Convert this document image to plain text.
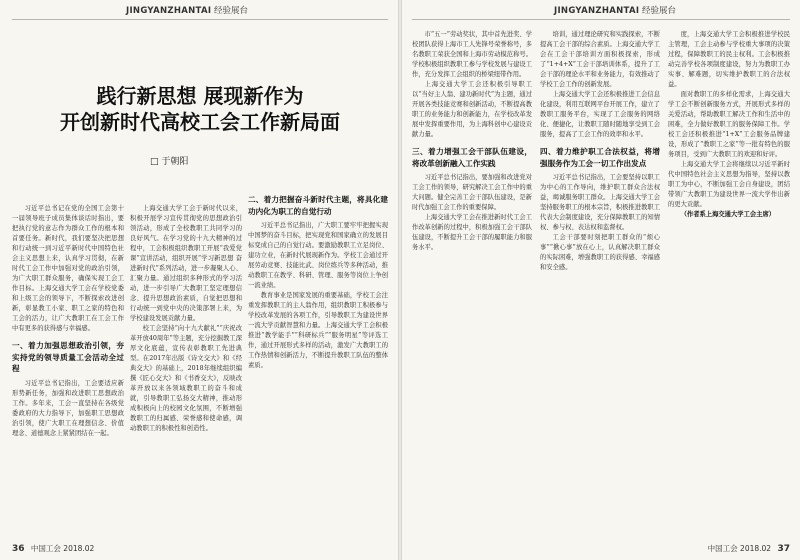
JINGYANZHANTAI 经验展台
践行新思想 展现新作为
开创新时代高校工会工作新局面
□ 于朝阳

习近平总书记在党的全国工会第十一届领导班子成员集体谈话时指出，要把执行党的意志作为群众工作的根本和首要任务。新时代，我们要坚决把思想和行动统一到习近平新时代中国特色社会主义思想上来，认真学习贯彻，在新时代工会工作中加强对党的政治引领，为广大职工群众服务，确保实现工会工作目标。上海交通大学工会在学校党委和上级工会的领导下，不断探索改进创新，彰显教工小家、职工之家的特色和工会的活力，让广大教职工在工会工作中有更多的获得感与幸福感。

一、着力加强思想政治引领，夯实持党的领导质量工会活动全过程

习近平总书记指出，工会要适应新形势新任务，加强和改进职工思想政治工作。多年来，工会一直坚持在各级党委政府的大力指导下，加强职工思想政治引领，使广大职工在理想信念、价值理念、道德观念上紧紧团结在一起。

上海交通大学工会于新时代以来，积极开展学习宣传贯彻党的思想政治引领活动，形成了全校教职工共同学习的良好风气。在学习党的十九大精神的过程中，工会积极组织教职工开展“我爱党课”宣讲活动，组织开展“学习新思想 奋进新时代”系列活动，进一步凝聚人心、汇聚力量。通过组织多种形式的学习活动，进一步引导广大教职工坚定理想信念、提升思想政治素质，自觉把思想和行动统一到党中央的决策部署上来，为学校建设发展贡献力量。

校工会坚持“向十九大献礼”“庆祝改革开放40周年”等主题，充分挖掘教工深厚文化底蕴，宣传表彰教职工先进典型。在2017年出版《诗文交大》和《经典交大》的基础上，2018年继续组织编撰《匠心交大》和《书香交大》，反映改革开放以来各领域教职工的奋斗和成就，引导教职工弘扬交大精神，推动形成积极向上的校园文化氛围，不断增强教职工的归属感、荣誉感和使命感，调动教职工的积极性和创造性。

二、着力把握奋斗新时代主题，将具化建功内化为职工的自觉行动

习近平总书记指出，广大职工要牢牢把握实现中国梦的奋斗目标，把实现党和国家确立的发展目标变成自己的自觉行动。要激励教职工立足岗位、建功立业，在新时代展现新作为。学校工会通过开展劳动竞赛、技能比武、岗位练兵等多种活动，推动教职工在教学、科研、管理、服务等岗位上争创一流业绩。

教育事业是国家发展的重要基础，学校工会注重发挥教职工的主人翁作用，组织教职工积极参与学校改革发展的各项工作，引导教职工为建设世界一流大学贡献智慧和力量。上海交通大学工会积极推进“教学能手”“科研标兵”“服务明星”等评选工作，通过开展形式多样的活动，激发广大教职工的工作热情和创新活力，不断提升教职工队伍的整体素质。

36 中国工会 2018.02
JINGYANZHANTAI 经验展台

市“五一”劳动奖状，其中首先进奖、学校团队获得上海市工人先锋号荣誉称号，多名教职工荣获全国和上海市劳动模范称号。学校积极组织教职工参与学校发展与建设工作，充分发挥工会组织的桥梁纽带作用。

上海交通大学工会还积极引导职工以“当好主人翁、建功新时代”为主题，通过开展各类技能竞赛和创新活动，不断提高教职工的业务能力和创新能力，在学校改革发展中发挥重要作用，为上海科创中心建设贡献力量。

三、着力增强工会干部队伍建设，将改革创新融入工作实践

习近平总书记指出，要加强和改进党对工会工作的领导，研究解决工会工作中的重大问题。健全完善工会干部队伍建设，是新时代加强工会工作的重要保障。

上海交通大学工会在推进新时代工会工作改革创新的过程中，积极加强工会干部队伍建设，不断提升工会干部的履职能力和服务水平。

培训，通过理论研究和实践探索，不断提高工会干部的综合素质。上海交通大学工会在工会干部培训方面积极探索，形成了“1+4+X”工会干部培训体系，提升了工会干部的理论水平和业务能力，有效推动了学校工会工作的创新发展。

上海交通大学工会还积极推进工会信息化建设，利用互联网平台开展工作，建立了教职工服务平台，实现了工会服务的网络化、便捷化，让教职工随时随地享受到工会服务，提高了工会工作的效率和水平。

四、着力维护职工合法权益，将增强服务作为工会一切工作出发点

习近平总书记指出，工会要坚持以职工为中心的工作导向，维护职工群众合法权益，竭诚服务职工群众。上海交通大学工会坚持服务职工的根本宗旨，积极推进教职工代表大会制度建设，充分保障教职工的知情权、参与权、表达权和监督权。

工会干部要时刻把职工群众的“烦心事”“揪心事”放在心上，认真解决职工群众的实际困难，增强教职工的获得感、幸福感和安全感。

度，上海交通大学工会积极推进学校民主管理，工会主动参与学校重大事项的决策过程，保障教职工的民主权利。工会积极推动完善学校各项制度建设，努力为教职工办实事、解难题，切实维护教职工的合法权益。

面对教职工的多样化需求，上海交通大学工会不断创新服务方式，开展形式多样的关爱活动，帮助教职工解决工作和生活中的困难，全力做好教职工的服务保障工作。学校工会还积极推进“1+X”工会服务品牌建设，形成了“教职工之家”等一批有特色的服务项目，受到广大教职工的欢迎和好评。

上海交通大学工会将继续以习近平新时代中国特色社会主义思想为指导，坚持以教职工为中心，不断加强工会自身建设，团结带领广大教职工为建设世界一流大学作出新的更大贡献。

（作者系上海交通大学工会主席）

中国工会 2018.02 37
